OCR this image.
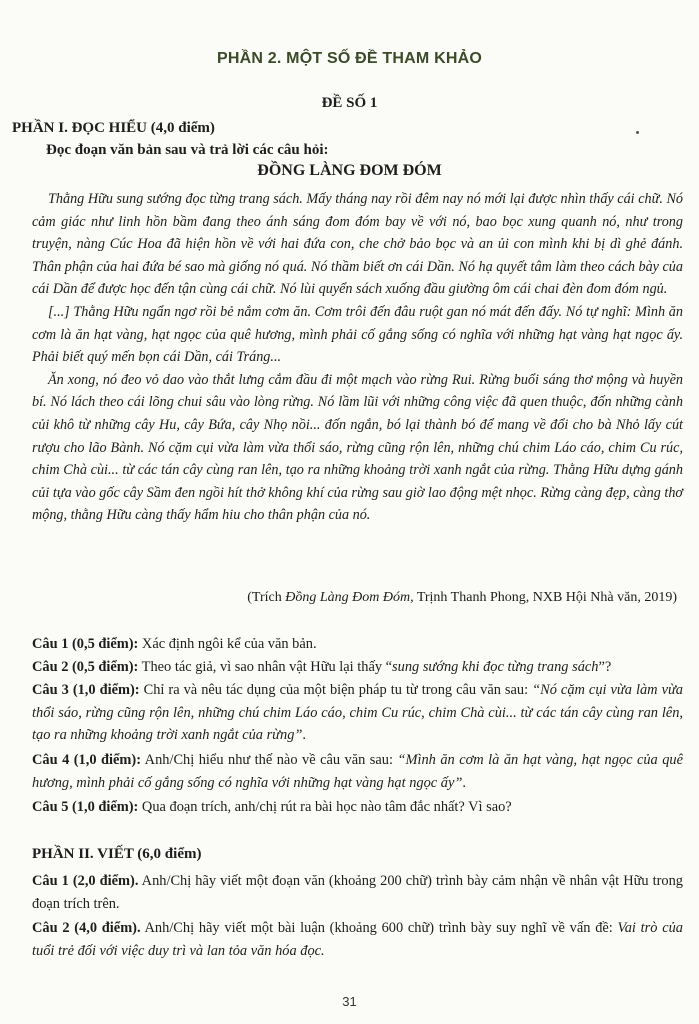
PHẦN 2. MỘT SỐ ĐỀ THAM KHẢO
ĐỀ SỐ 1
PHẦN I. ĐỌC HIỂU (4,0 điểm)
Đọc đoạn văn bản sau và trả lời các câu hỏi:
ĐỒNG LÀNG ĐOM ĐÓM

Thằng Hữu sung sướng đọc từng trang sách. Mấy tháng nay rồi đêm nay nó mới lại được nhìn thấy cái chữ. Nó cảm giác như linh hồn bầm đang theo ánh sáng đom đóm bay về với nó, bao bọc xung quanh nó, như trong truyện, nàng Cúc Hoa đã hiện hồn về với hai đứa con, che chở bảo bọc và an ủi con mình khi bị dì ghẻ đánh. Thân phận của hai đứa bé sao mà giống nó quá. Nó thầm biết ơn cái Dần. Nó hạ quyết tâm làm theo cách bày của cái Dần để được học đến tận cùng cái chữ. Nó lùi quyển sách xuống đầu giường ôm cái chai đèn đom đóm ngủ.

[...] Thằng Hữu ngẩn ngơ rồi bẻ nắm cơm ăn. Cơm trôi đến đâu ruột gan nó mát đến đấy. Nó tự nghĩ: Mình ăn cơm là ăn hạt vàng, hạt ngọc của quê hương, mình phải cố gắng sống có nghĩa với những hạt vàng hạt ngọc ấy. Phải biết quý mến bọn cái Dần, cái Tráng...

Ăn xong, nó đeo vỏ dao vào thắt lưng cắm đầu đi một mạch vào rừng Rui. Rừng buổi sáng thơ mộng và huyền bí. Nó lách theo cái lõng chui sâu vào lòng rừng. Nó lầm lũi với những công việc đã quen thuộc, đốn những cành củi khô từ những cây Hu, cây Bứa, cây Nhọ nồi... đốn ngắn, bó lại thành bó để mang về đổi cho bà Nhỏ lấy cút rượu cho lão Bành. Nó cặm cụi vừa làm vừa thổi sáo, rừng cũng rộn lên, những chú chim Láo cáo, chim Cu rúc, chim Chà cùi... từ các tán cây cùng ran lên, tạo ra những khoảng trời xanh ngắt của rừng. Thằng Hữu dựng gánh củi tựa vào gốc cây Sầm đen ngồi hít thở không khí của rừng sau giờ lao động mệt nhọc. Rừng càng đẹp, càng thơ mộng, thằng Hữu càng thấy hẩm hiu cho thân phận của nó.

(Trích Đồng Làng Đom Đóm, Trịnh Thanh Phong, NXB Hội Nhà văn, 2019)

Câu 1 (0,5 điểm): Xác định ngôi kể của văn bản.

Câu 2 (0,5 điểm): Theo tác giả, vì sao nhân vật Hữu lại thấy “sung sướng khi đọc từng trang sách”?

Câu 3 (1,0 điểm): Chỉ ra và nêu tác dụng của một biện pháp tu từ trong câu văn sau: “Nó cặm cụi vừa làm vừa thổi sáo, rừng cũng rộn lên, những chú chim Láo cáo, chim Cu rúc, chim Chà cùi... từ các tán cây cùng ran lên, tạo ra những khoảng trời xanh ngắt của rừng”.

Câu 4 (1,0 điểm): Anh/Chị hiểu như thế nào về câu văn sau: “Mình ăn cơm là ăn hạt vàng, hạt ngọc của quê hương, mình phải cố gắng sống có nghĩa với những hạt vàng hạt ngọc ấy”.

Câu 5 (1,0 điểm): Qua đoạn trích, anh/chị rút ra bài học nào tâm đắc nhất? Vì sao?

PHẦN II. VIẾT (6,0 điểm)

Câu 1 (2,0 điểm). Anh/Chị hãy viết một đoạn văn (khoảng 200 chữ) trình bày cảm nhận về nhân vật Hữu trong đoạn trích trên.

Câu 2 (4,0 điểm). Anh/Chị hãy viết một bài luận (khoảng 600 chữ) trình bày suy nghĩ về vấn đề: Vai trò của tuổi trẻ đối với việc duy trì và lan tỏa văn hóa đọc.

31
